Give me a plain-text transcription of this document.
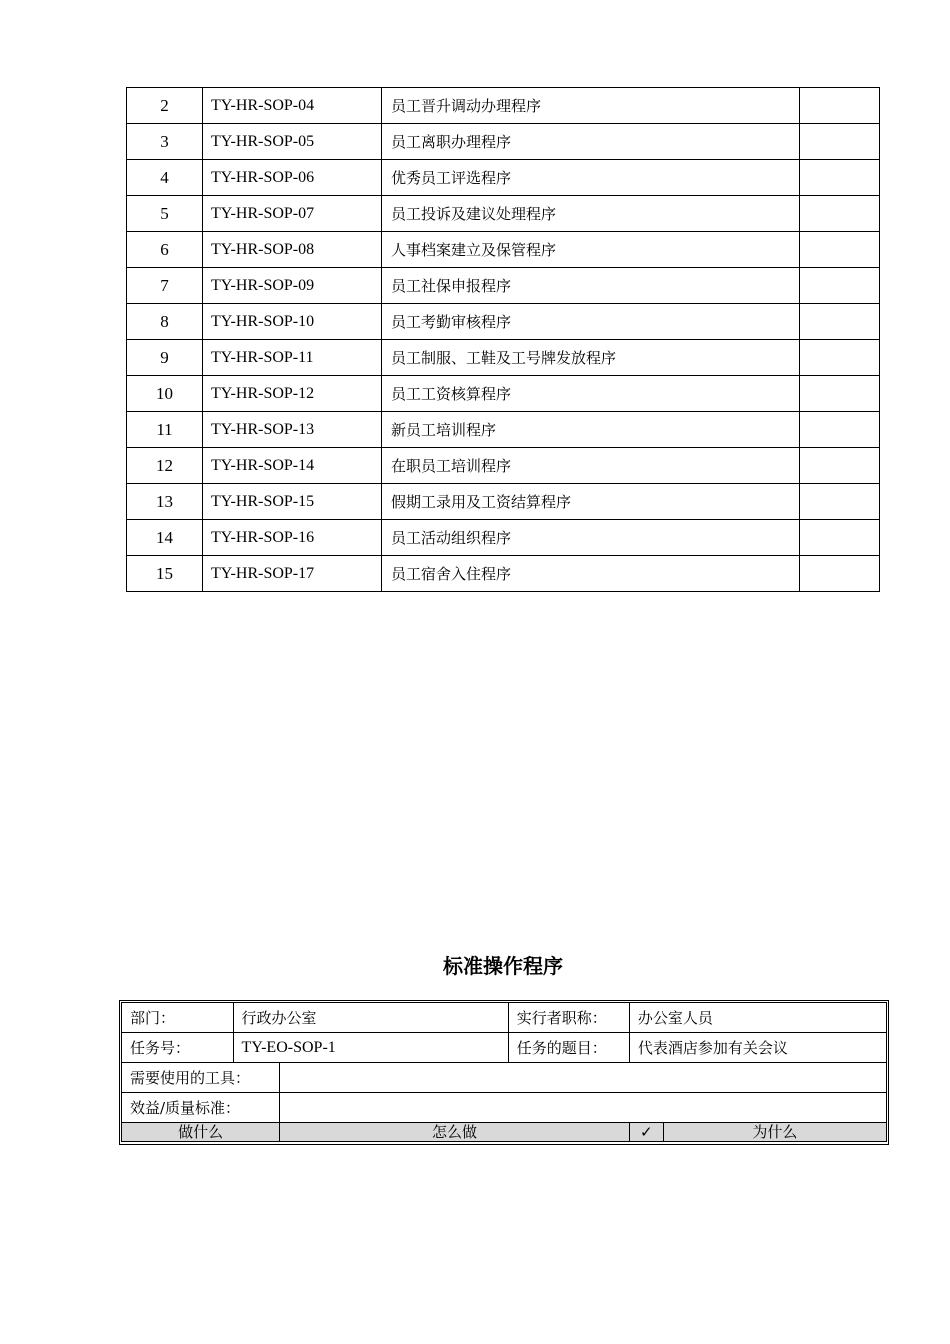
2	TY-HR-SOP-04	员工晋升调动办理程序	
3	TY-HR-SOP-05	员工离职办理程序	
4	TY-HR-SOP-06	优秀员工评选程序	
5	TY-HR-SOP-07	员工投诉及建议处理程序	
6	TY-HR-SOP-08	人事档案建立及保管程序	
7	TY-HR-SOP-09	员工社保申报程序	
8	TY-HR-SOP-10	员工考勤审核程序	
9	TY-HR-SOP-11	员工制服、工鞋及工号牌发放程序	
10	TY-HR-SOP-12	员工工资核算程序	
11	TY-HR-SOP-13	新员工培训程序	
12	TY-HR-SOP-14	在职员工培训程序	
13	TY-HR-SOP-15	假期工录用及工资结算程序	
14	TY-HR-SOP-16	员工活动组织程序	
15	TY-HR-SOP-17	员工宿舍入住程序	
标准操作程序
部门：	行政办公室		实行者职称：	办公室人员	
任务号：	TY-EO-SOP-1		任务的题目：	代表酒店参加有关会议	
需要使用的工具：					
效益/质量标准：					
做什么		怎么做		✓	为什么
